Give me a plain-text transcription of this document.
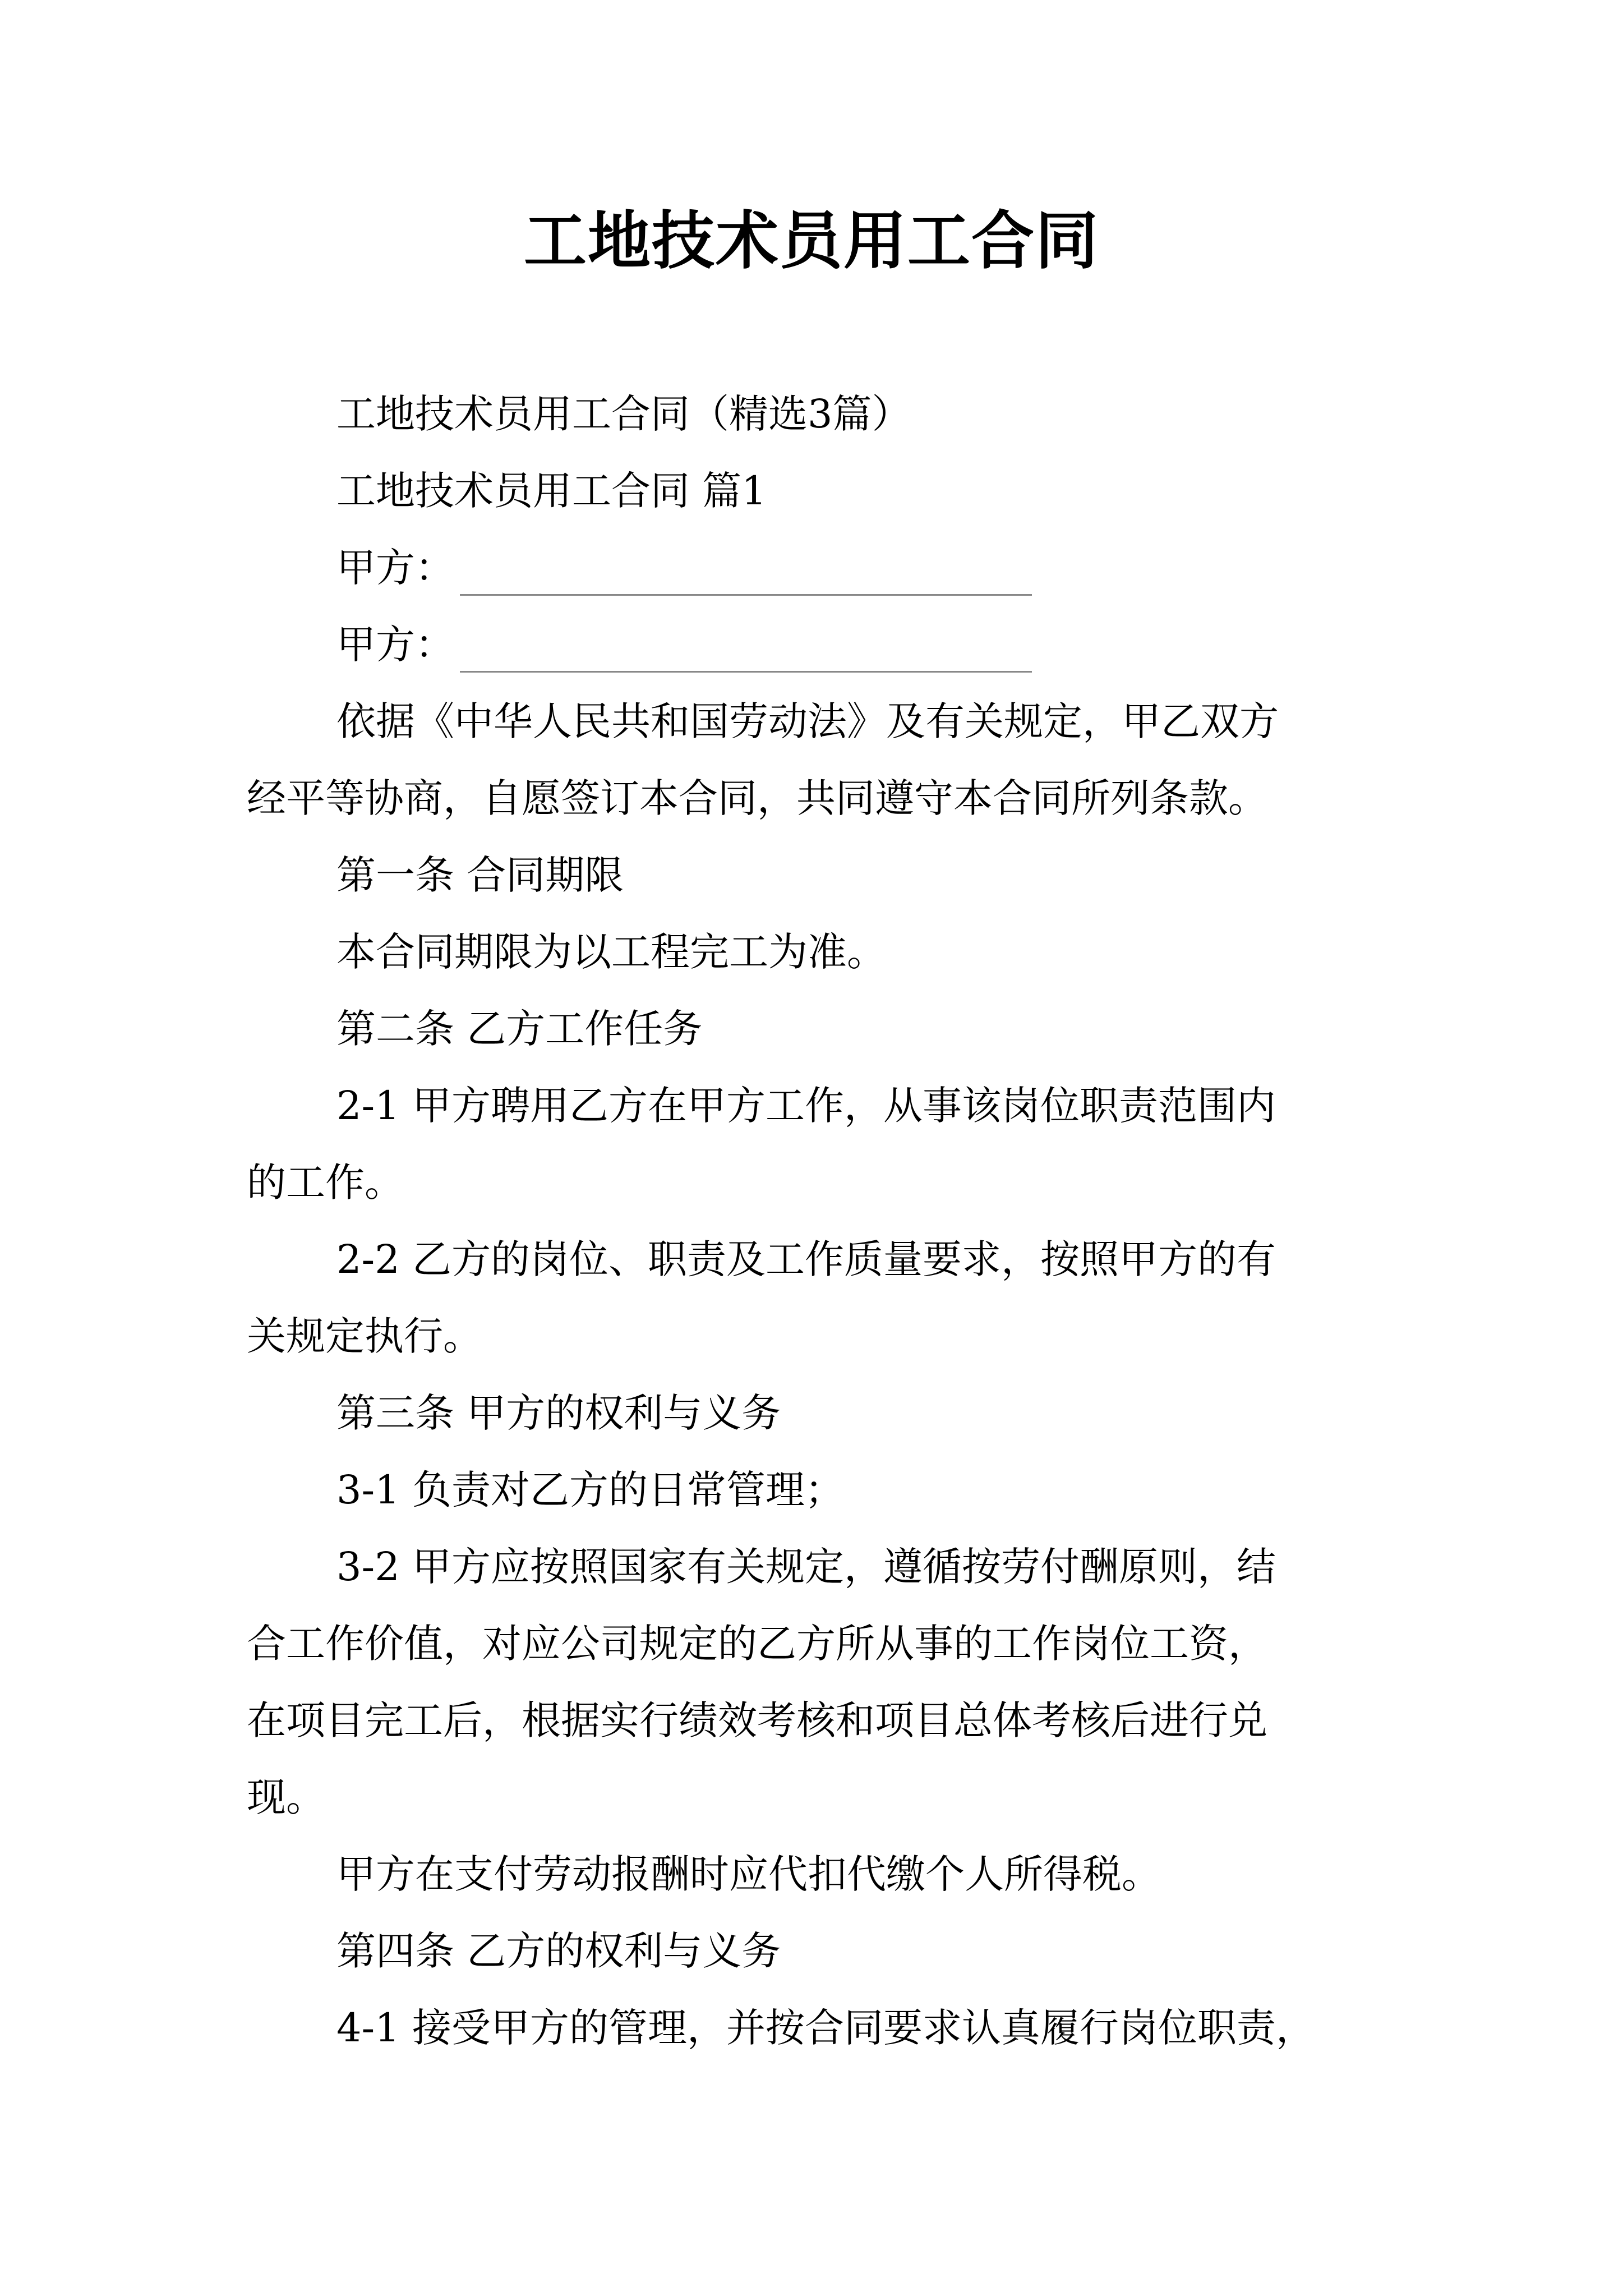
工地技术员用工合同
工地技术员用工合同（精选3篇）
工地技术员用工合同 篇1
甲方：
甲方：
依据《中华人民共和国劳动法》及有关规定，甲乙双方
经平等协商，自愿签订本合同，共同遵守本合同所列条款。
第一条 合同期限
本合同期限为以工程完工为准。
第二条 乙方工作任务
2-1 甲方聘用乙方在甲方工作，从事该岗位职责范围内
的工作。
2-2 乙方的岗位、职责及工作质量要求，按照甲方的有
关规定执行。
第三条 甲方的权利与义务
3-1 负责对乙方的日常管理；
3-2 甲方应按照国家有关规定，遵循按劳付酬原则，结
合工作价值，对应公司规定的乙方所从事的工作岗位工资，
在项目完工后，根据实行绩效考核和项目总体考核后进行兑
现。
甲方在支付劳动报酬时应代扣代缴个人所得税。
第四条 乙方的权利与义务
4-1 接受甲方的管理，并按合同要求认真履行岗位职责，
